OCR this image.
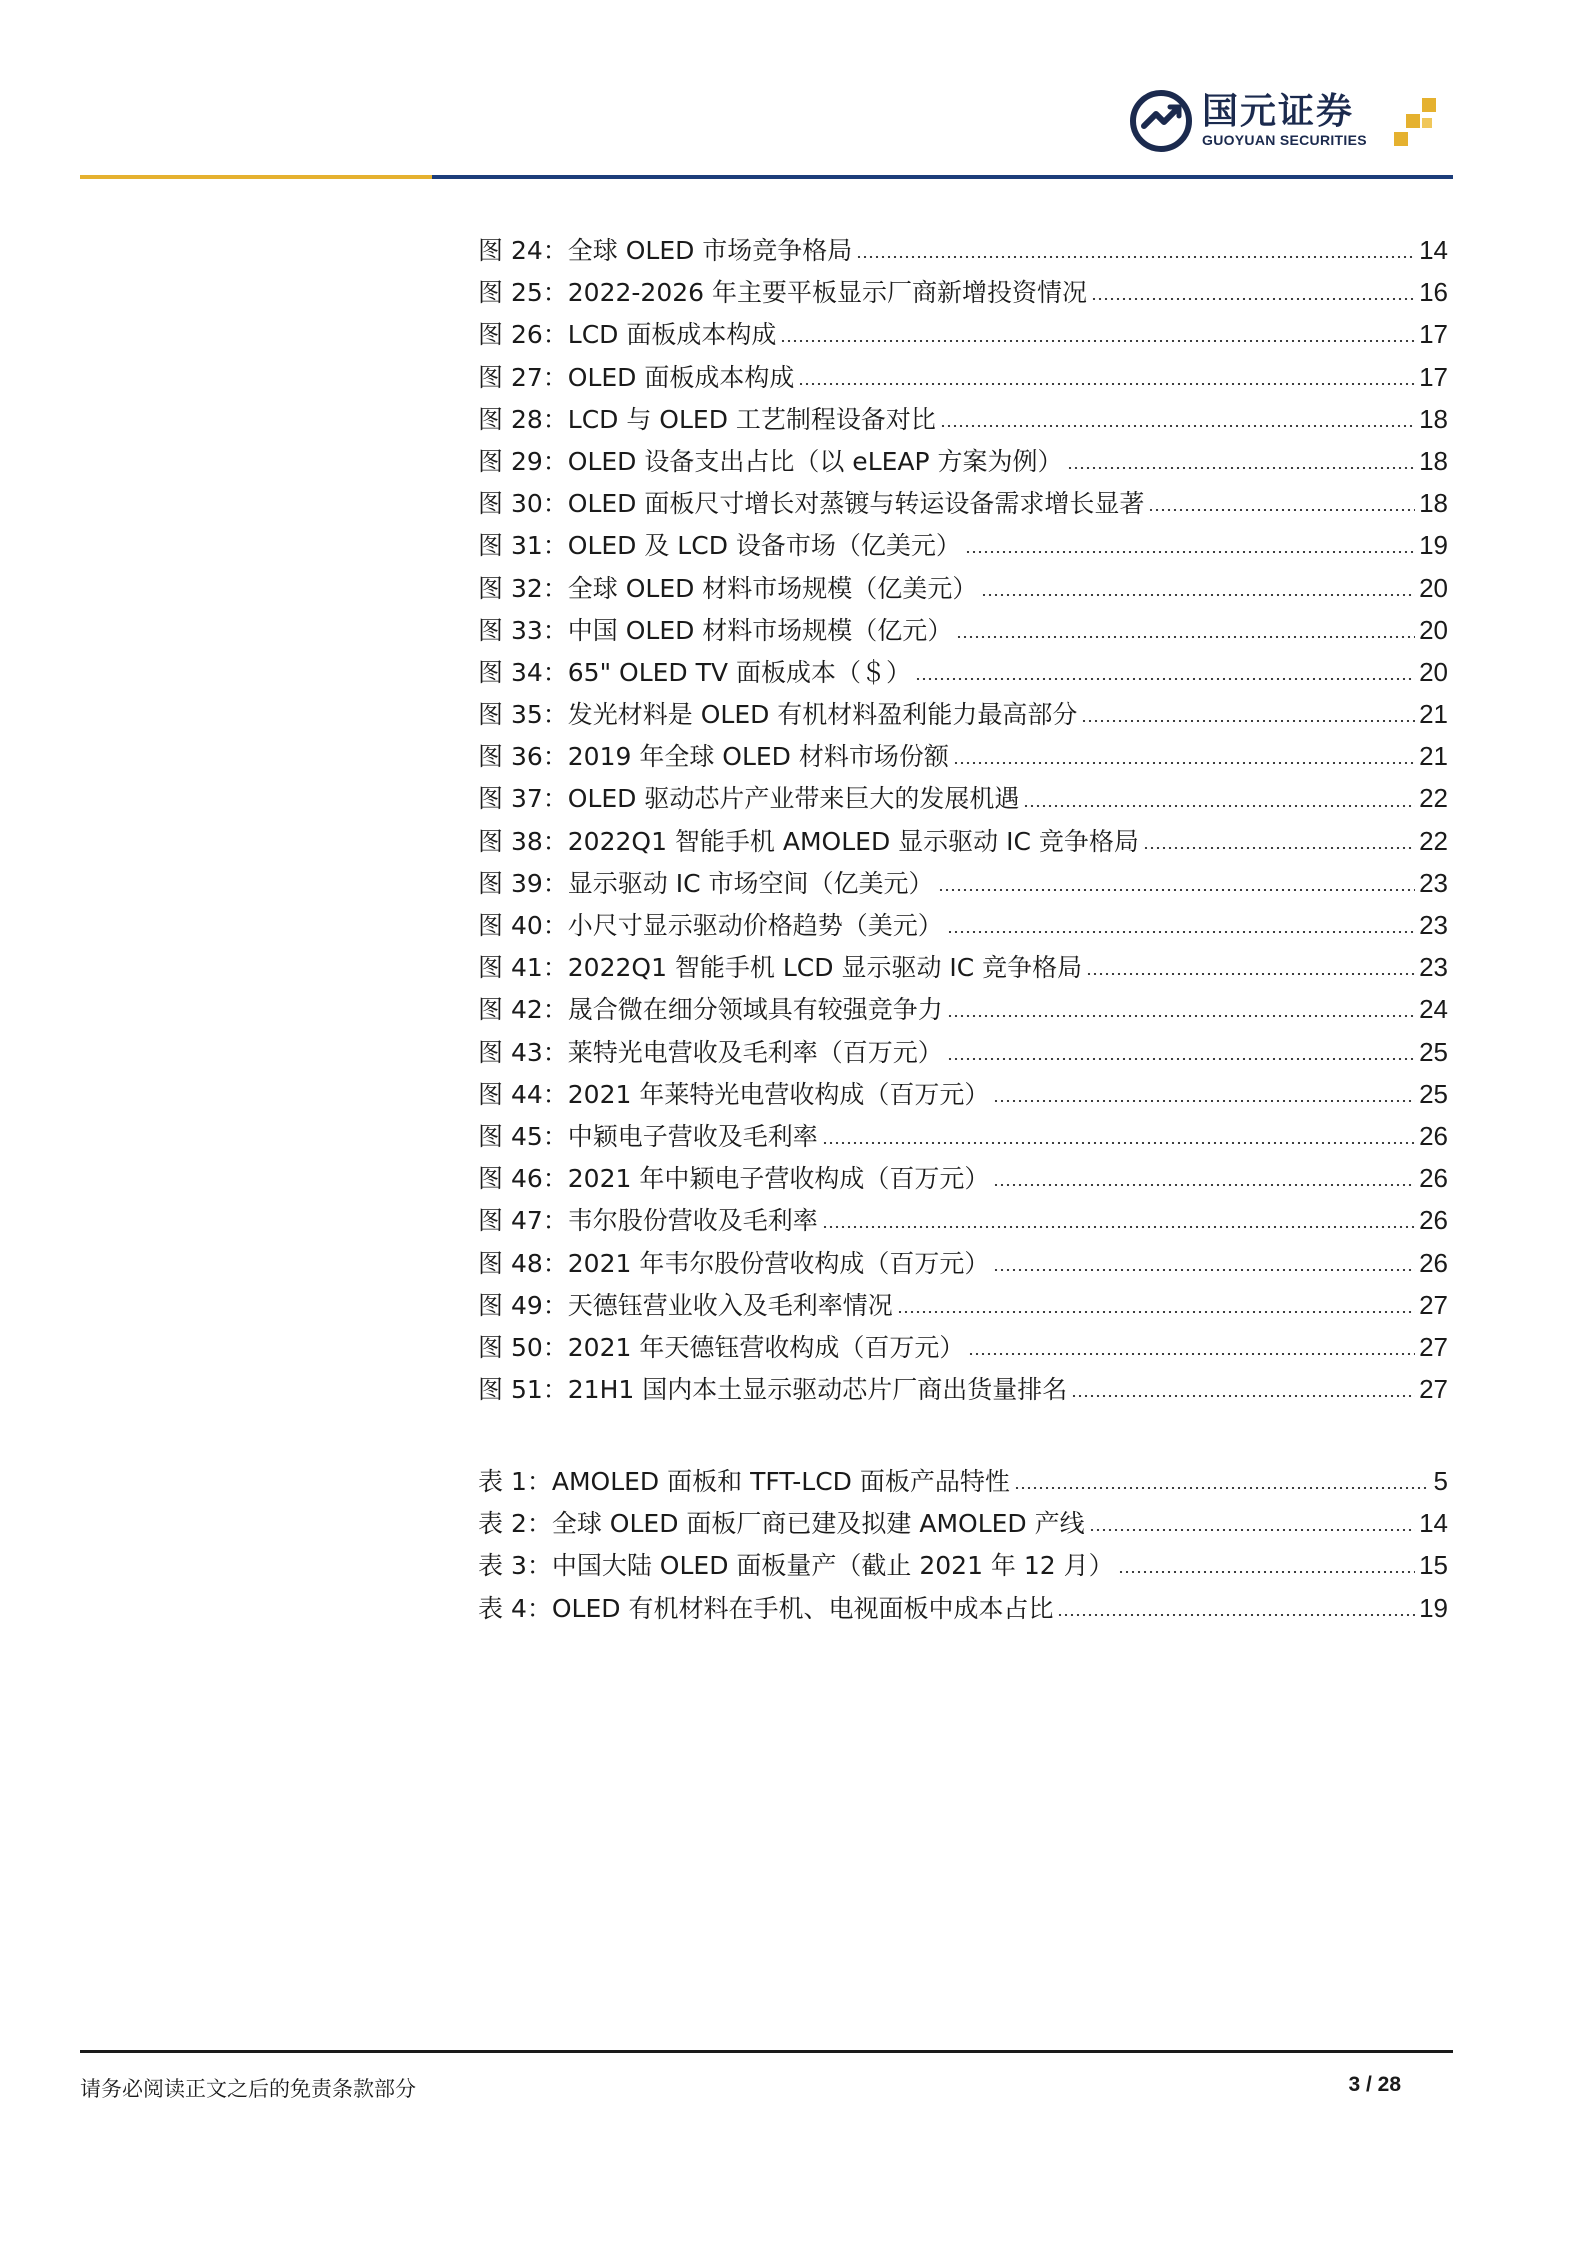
国元证券
GUOYUAN SECURITIES
图 24： 全球 OLED 市场竞争格局	14
图 25： 2022-2026 年主要平板显示厂商新增投资情况	16
图 26： LCD 面板成本构成	17
图 27： OLED 面板成本构成	17
图 28： LCD 与 OLED 工艺制程设备对比	18
图 29： OLED 设备支出占比（以 eLEAP 方案为例）	18
图 30： OLED 面板尺寸增长对蒸镀与转运设备需求增长显著	18
图 31： OLED 及 LCD 设备市场（亿美元）	19
图 32： 全球 OLED 材料市场规模（亿美元）	20
图 33： 中国 OLED 材料市场规模（亿元）	20
图 34： 65" OLED TV 面板成本（＄）	20
图 35： 发光材料是 OLED 有机材料盈利能力最高部分	21
图 36： 2019 年全球 OLED 材料市场份额	21
图 37： OLED 驱动芯片产业带来巨大的发展机遇	22
图 38： 2022Q1 智能手机 AMOLED 显示驱动 IC 竞争格局	22
图 39： 显示驱动 IC 市场空间（亿美元）	23
图 40： 小尺寸显示驱动价格趋势（美元）	23
图 41： 2022Q1 智能手机 LCD 显示驱动 IC 竞争格局	23
图 42： 晟合微在细分领域具有较强竞争力	24
图 43： 莱特光电营收及毛利率（百万元）	25
图 44： 2021 年莱特光电营收构成（百万元）	25
图 45： 中颖电子营收及毛利率	26
图 46： 2021 年中颖电子营收构成（百万元）	26
图 47： 韦尔股份营收及毛利率	26
图 48： 2021 年韦尔股份营收构成（百万元）	26
图 49： 天德钰营业收入及毛利率情况	27
图 50： 2021 年天德钰营收构成（百万元）	27
图 51： 21H1 国内本土显示驱动芯片厂商出货量排名	27
表 1： AMOLED 面板和 TFT-LCD 面板产品特性	5
表 2： 全球 OLED 面板厂商已建及拟建 AMOLED 产线	14
表 3： 中国大陆 OLED 面板量产（截止 2021 年 12 月）	15
表 4： OLED 有机材料在手机、电视面板中成本占比	19
请务必阅读正文之后的免责条款部分	3 / 28
